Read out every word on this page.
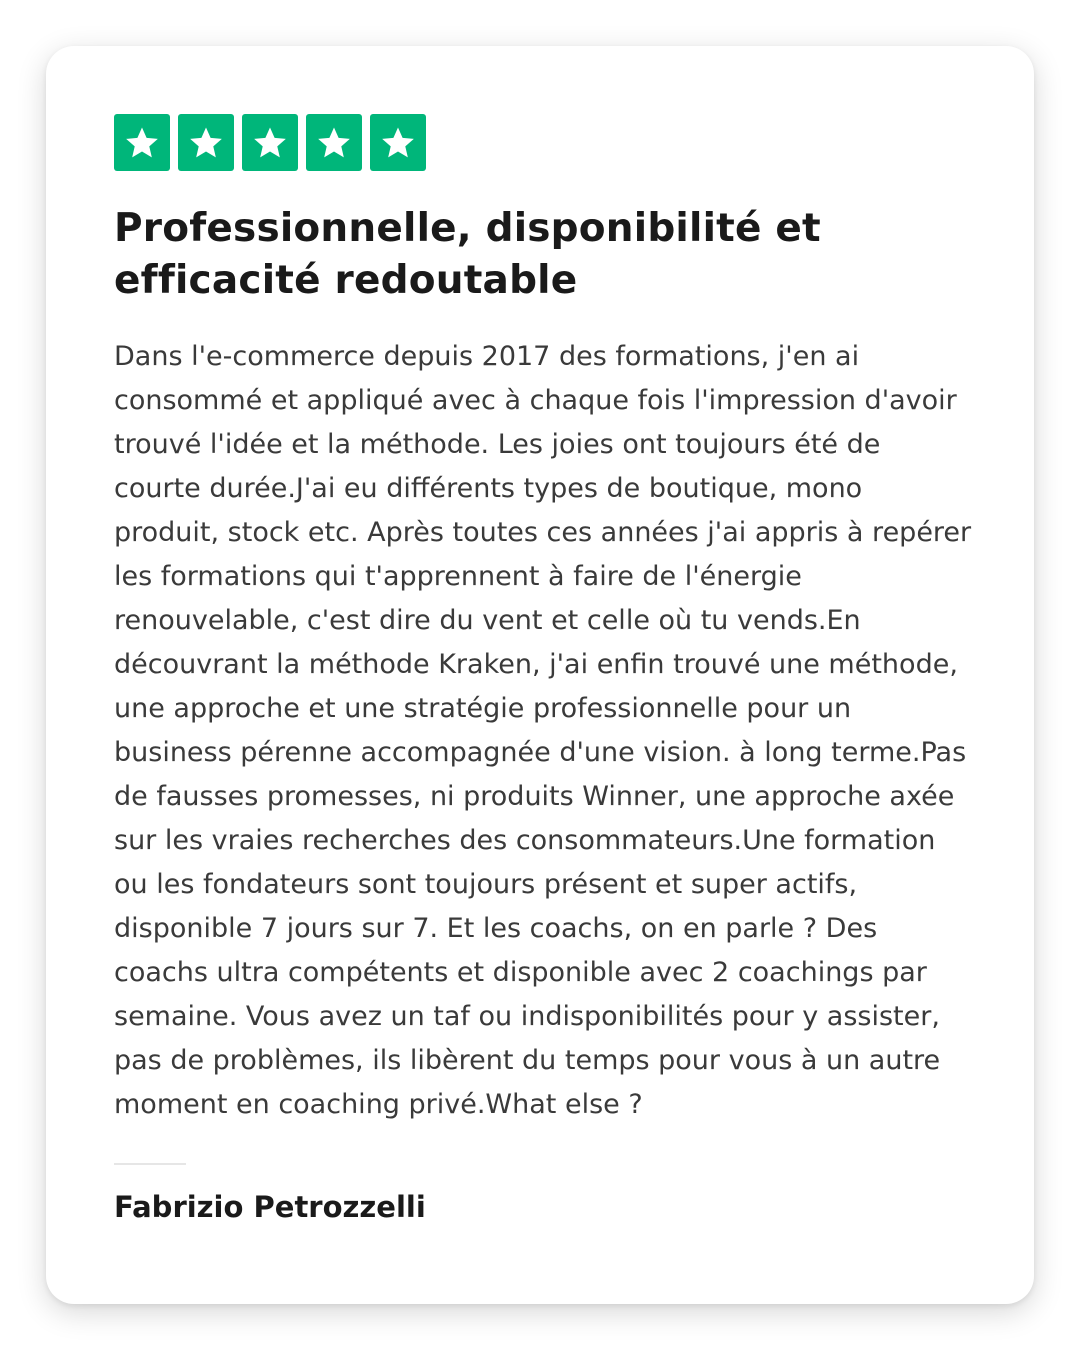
Professionnelle, disponibilité et efficacité redoutable
Dans l'e-commerce depuis 2017 des formations, j'en ai consommé et appliqué avec à chaque fois l'impression d'avoir trouvé l'idée et la méthode. Les joies ont toujours été de courte durée.J'ai eu différents types de boutique, mono produit, stock etc. Après toutes ces années j'ai appris à repérer les formations qui t'apprennent à faire de l'énergie renouvelable, c'est dire du vent et celle où tu vends.En découvrant la méthode Kraken, j'ai enfin trouvé une méthode, une approche et une stratégie professionnelle pour un business pérenne accompagnée d'une vision. à long terme.Pas de fausses promesses, ni produits Winner, une approche axée sur les vraies recherches des consommateurs.Une formation ou les fondateurs sont toujours présent et super actifs, disponible 7 jours sur 7. Et les coachs, on en parle ? Des coachs ultra compétents et disponible avec 2 coachings par semaine. Vous avez un taf ou indisponibilités pour y assister, pas de problèmes, ils libèrent du temps pour vous à un autre moment en coaching privé.What else ?
Fabrizio Petrozzelli
